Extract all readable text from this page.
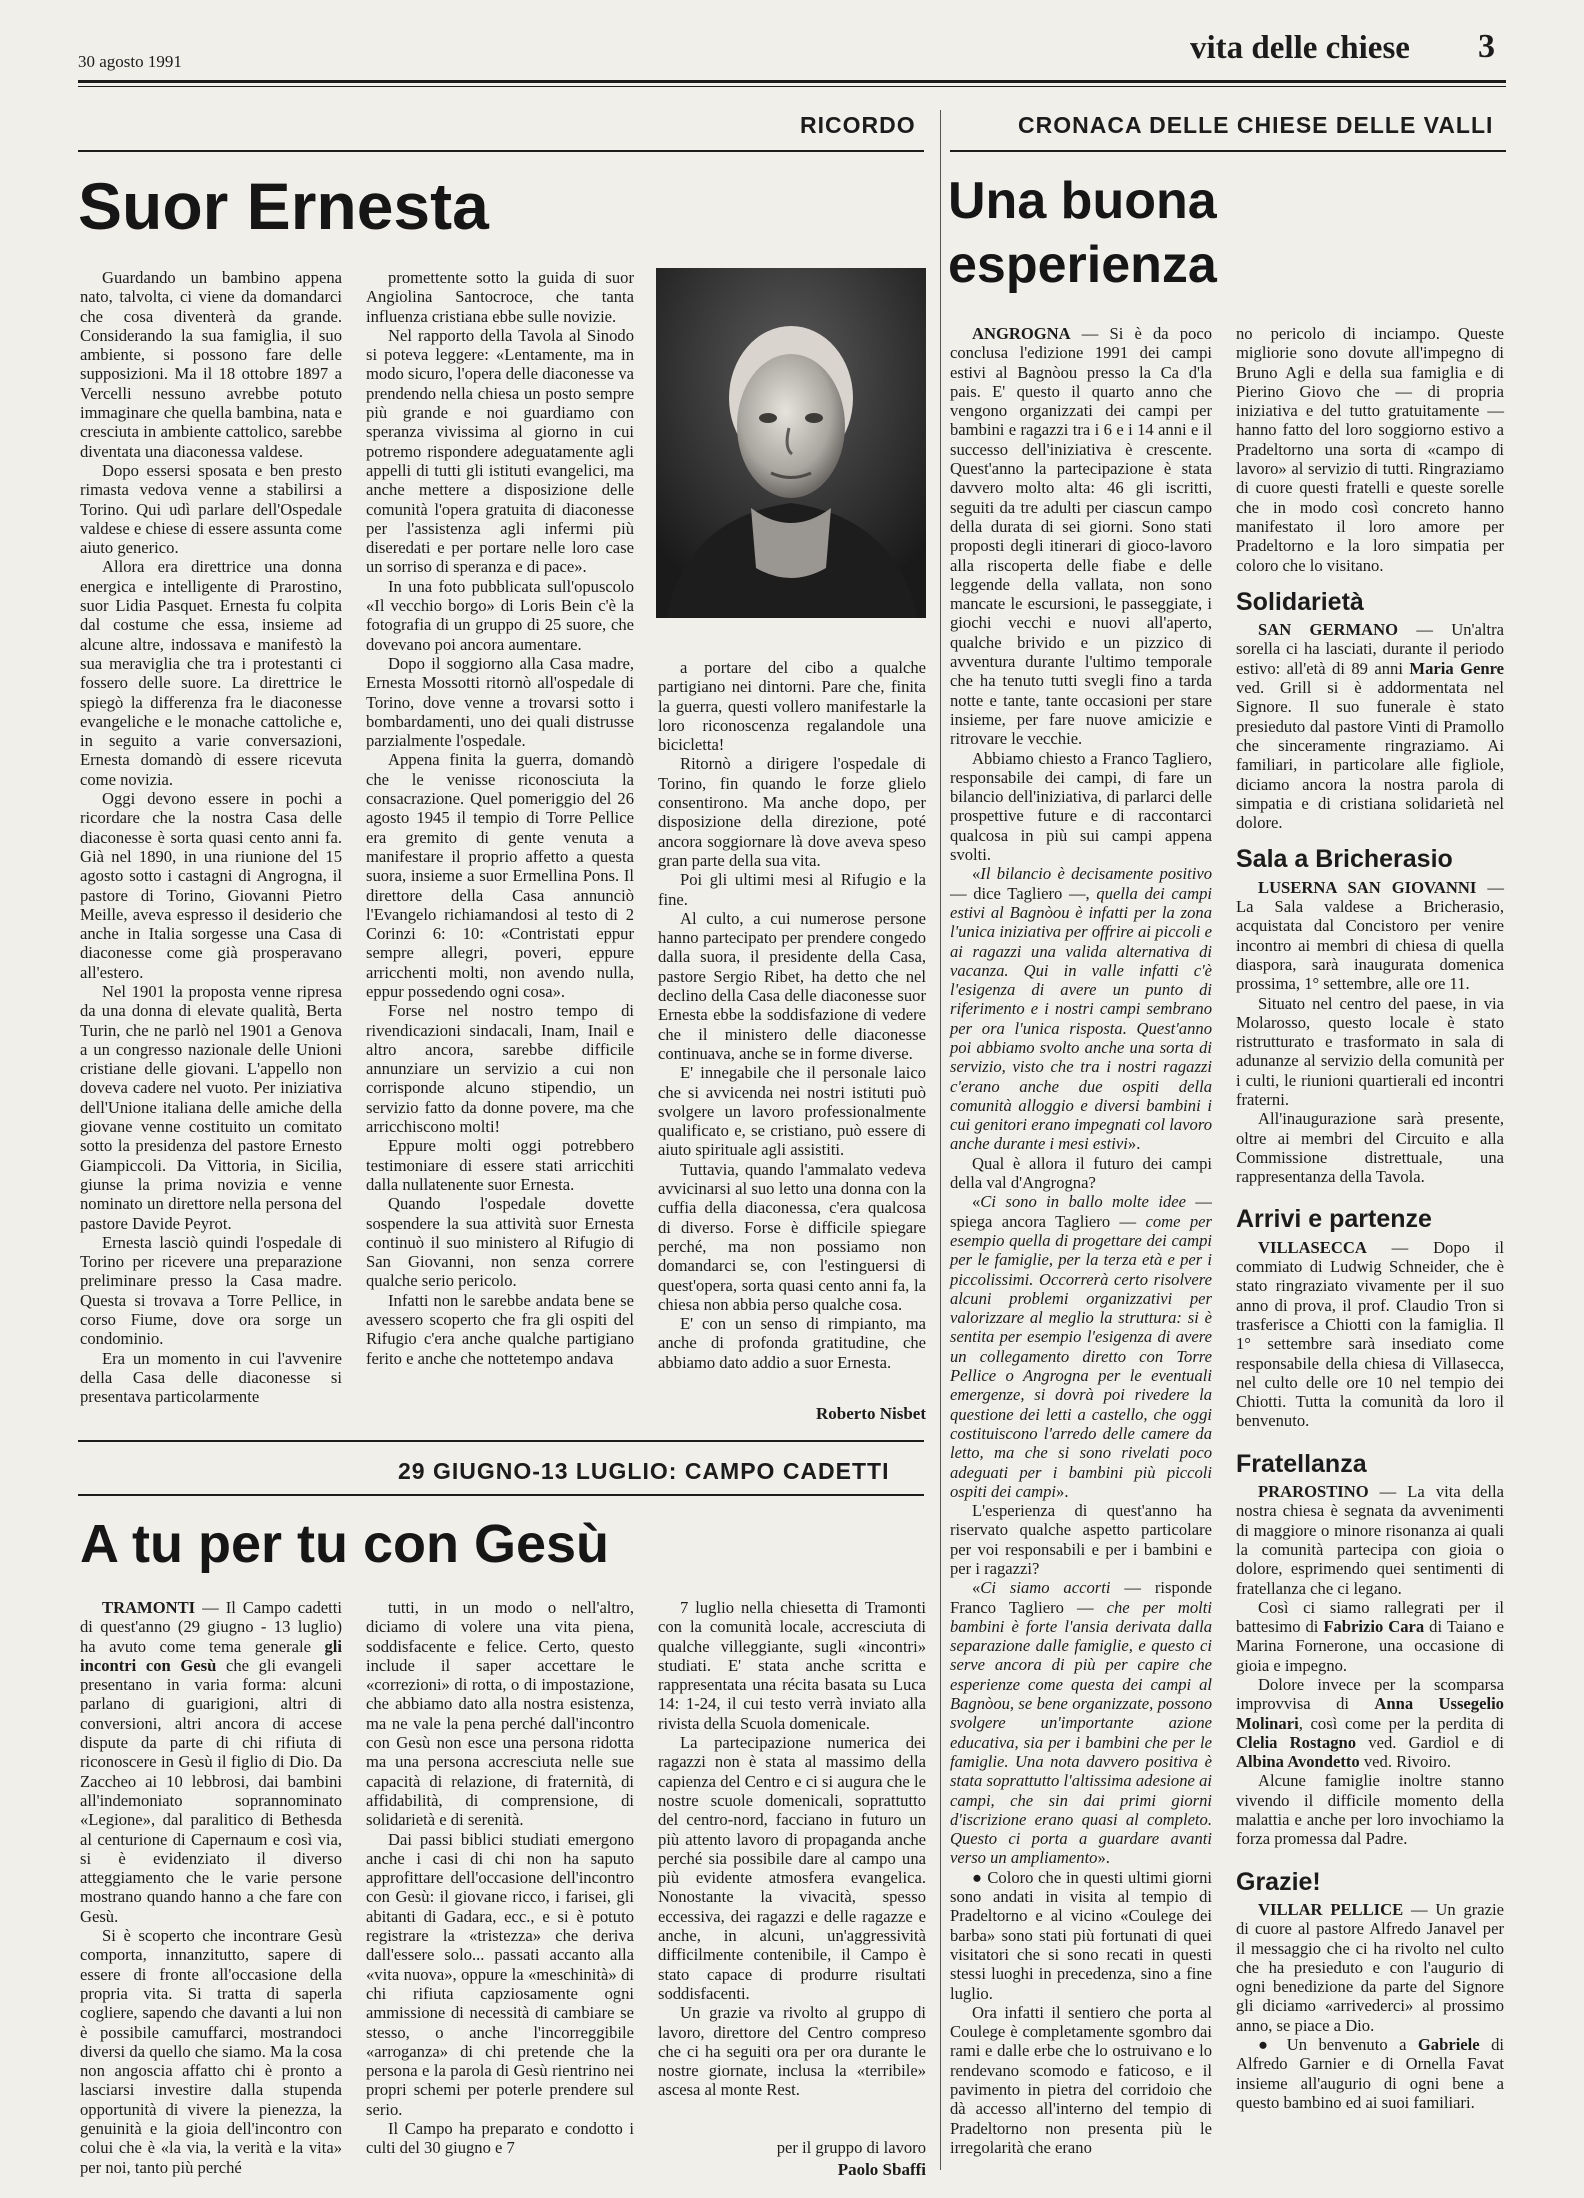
30 agosto 1991	vita delle chiese 3
RICORDO
Suor Ernesta

Guardando un bambino appena nato, talvolta, ci viene da domandarci che cosa diventerà da grande. Considerando la sua famiglia, il suo ambiente, si possono fare delle supposizioni. Ma il 18 ottobre 1897 a Vercelli nessuno avrebbe potuto immaginare che quella bambina, nata e cresciuta in ambiente cattolico, sarebbe diventata una diaconessa valdese.

Dopo essersi sposata e ben presto rimasta vedova venne a stabilirsi a Torino. Qui udì parlare dell'Ospedale valdese e chiese di essere assunta come aiuto generico.

Allora era direttrice una donna energica e intelligente di Prarostino, suor Lidia Pasquet. Ernesta fu colpita dal costume che essa, insieme ad alcune altre, indossava e manifestò la sua meraviglia che tra i protestanti ci fossero delle suore. La direttrice le spiegò la differenza fra le diaconesse evangeliche e le monache cattoliche e, in seguito a varie conversazioni, Ernesta domandò di essere ricevuta come novizia.

Oggi devono essere in pochi a ricordare che la nostra Casa delle diaconesse è sorta quasi cento anni fa. Già nel 1890, in una riunione del 15 agosto sotto i castagni di Angrogna, il pastore di Torino, Giovanni Pietro Meille, aveva espresso il desiderio che anche in Italia sorgesse una Casa di diaconesse come già prosperavano all'estero.

Nel 1901 la proposta venne ripresa da una donna di elevate qualità, Berta Turin, che ne parlò nel 1901 a Genova a un congresso nazionale delle Unioni cristiane delle giovani. L'appello non doveva cadere nel vuoto. Per iniziativa dell'Unione italiana delle amiche della giovane venne costituito un comitato sotto la presidenza del pastore Ernesto Giampiccoli. Da Vittoria, in Sicilia, giunse la prima novizia e venne nominato un direttore nella persona del pastore Davide Peyrot.

Ernesta lasciò quindi l'ospedale di Torino per ricevere una preparazione preliminare presso la Casa madre. Questa si trovava a Torre Pellice, in corso Fiume, dove ora sorge un condominio.

Era un momento in cui l'avvenire della Casa delle diaconesse si presentava particolarmente

promettente sotto la guida di suor Angiolina Santocroce, che tanta influenza cristiana ebbe sulle novizie.

Nel rapporto della Tavola al Sinodo si poteva leggere: «Lentamente, ma in modo sicuro, l'opera delle diaconesse va prendendo nella chiesa un posto sempre più grande e noi guardiamo con speranza vivissima al giorno in cui potremo rispondere adeguatamente agli appelli di tutti gli istituti evangelici, ma anche mettere a disposizione delle comunità l'opera gratuita di diaconesse per l'assistenza agli infermi più diseredati e per portare nelle loro case un sorriso di speranza e di pace».

In una foto pubblicata sull'opuscolo «Il vecchio borgo» di Loris Bein c'è la fotografia di un gruppo di 25 suore, che dovevano poi ancora aumentare.

Dopo il soggiorno alla Casa madre, Ernesta Mossotti ritornò all'ospedale di Torino, dove venne a trovarsi sotto i bombardamenti, uno dei quali distrusse parzialmente l'ospedale.

Appena finita la guerra, domandò che le venisse riconosciuta la consacrazione. Quel pomeriggio del 26 agosto 1945 il tempio di Torre Pellice era gremito di gente venuta a manifestare il proprio affetto a questa suora, insieme a suor Ermellina Pons. Il direttore della Casa annunciò l'Evangelo richiamandosi al testo di 2 Corinzi 6: 10: «Contristati eppur sempre allegri, poveri, eppure arricchenti molti, non avendo nulla, eppur possedendo ogni cosa».

Forse nel nostro tempo di rivendicazioni sindacali, Inam, Inail e altro ancora, sarebbe difficile annunziare un servizio a cui non corrisponde alcuno stipendio, un servizio fatto da donne povere, ma che arricchiscono molti!

Eppure molti oggi potrebbero testimoniare di essere stati arricchiti dalla nullatenente suor Ernesta.

Quando l'ospedale dovette sospendere la sua attività suor Ernesta continuò il suo ministero al Rifugio di San Giovanni, non senza correre qualche serio pericolo.

Infatti non le sarebbe andata bene se avessero scoperto che fra gli ospiti del Rifugio c'era anche qualche partigiano ferito e anche che nottetempo andava

a portare del cibo a qualche partigiano nei dintorni. Pare che, finita la guerra, questi vollero manifestarle la loro riconoscenza regalandole una bicicletta!

Ritornò a dirigere l'ospedale di Torino, fin quando le forze glielo consentirono. Ma anche dopo, per disposizione della direzione, poté ancora soggiornare là dove aveva speso gran parte della sua vita.

Poi gli ultimi mesi al Rifugio e la fine.

Al culto, a cui numerose persone hanno partecipato per prendere congedo dalla suora, il presidente della Casa, pastore Sergio Ribet, ha detto che nel declino della Casa delle diaconesse suor Ernesta ebbe la soddisfazione di vedere che il ministero delle diaconesse continuava, anche se in forme diverse.

E' innegabile che il personale laico che si avvicenda nei nostri istituti può svolgere un lavoro professionalmente qualificato e, se cristiano, può essere di aiuto spirituale agli assistiti.

Tuttavia, quando l'ammalato vedeva avvicinarsi al suo letto una donna con la cuffia della diaconessa, c'era qualcosa di diverso. Forse è difficile spiegare perché, ma non possiamo non domandarci se, con l'estinguersi di quest'opera, sorta quasi cento anni fa, la chiesa non abbia perso qualche cosa.

E' con un senso di rimpianto, ma anche di profonda gratitudine, che abbiamo dato addio a suor Ernesta.

Roberto Nisbet
CRONACA DELLE CHIESE DELLE VALLI
Una buona
esperienza

ANGROGNA — Si è da poco conclusa l'edizione 1991 dei campi estivi al Bagnòou presso la Ca d'la pais. E' questo il quarto anno che vengono organizzati dei campi per bambini e ragazzi tra i 6 e i 14 anni e il successo dell'iniziativa è crescente. Quest'anno la partecipazione è stata davvero molto alta: 46 gli iscritti, seguiti da tre adulti per ciascun campo della durata di sei giorni. Sono stati proposti degli itinerari di gioco-lavoro alla riscoperta delle fiabe e delle leggende della vallata, non sono mancate le escursioni, le passeggiate, i giochi vecchi e nuovi all'aperto, qualche brivido e un pizzico di avventura durante l'ultimo temporale che ha tenuto tutti svegli fino a tarda notte e tante, tante occasioni per stare insieme, per fare nuove amicizie e ritrovare le vecchie.

Abbiamo chiesto a Franco Tagliero, responsabile dei campi, di fare un bilancio dell'iniziativa, di parlarci delle prospettive future e di raccontarci qualcosa in più sui campi appena svolti.

«Il bilancio è decisamente positivo — dice Tagliero —, quella dei campi estivi al Bagnòou è infatti per la zona l'unica iniziativa per offrire ai piccoli e ai ragazzi una valida alternativa di vacanza. Qui in valle infatti c'è l'esigenza di avere un punto di riferimento e i nostri campi sembrano per ora l'unica risposta. Quest'anno poi abbiamo svolto anche una sorta di servizio, visto che tra i nostri ragazzi c'erano anche due ospiti della comunità alloggio e diversi bambini i cui genitori erano impegnati col lavoro anche durante i mesi estivi».

Qual è allora il futuro dei campi della val d'Angrogna?

«Ci sono in ballo molte idee — spiega ancora Tagliero — come per esempio quella di progettare dei campi per le famiglie, per la terza età e per i piccolissimi. Occorrerà certo risolvere alcuni problemi organizzativi per valorizzare al meglio la struttura: si è sentita per esempio l'esigenza di avere un collegamento diretto con Torre Pellice o Angrogna per le eventuali emergenze, si dovrà poi rivedere la questione dei letti a castello, che oggi costituiscono l'arredo delle camere da letto, ma che si sono rivelati poco adeguati per i bambini più piccoli ospiti dei campi».

L'esperienza di quest'anno ha riservato qualche aspetto particolare per voi responsabili e per i bambini e per i ragazzi?

«Ci siamo accorti — risponde Franco Tagliero — che per molti bambini è forte l'ansia derivata dalla separazione dalle famiglie, e questo ci serve ancora di più per capire che esperienze come questa dei campi al Bagnòou, se bene organizzate, possono svolgere un'importante azione educativa, sia per i bambini che per le famiglie. Una nota davvero positiva è stata soprattutto l'altissima adesione ai campi, che sin dai primi giorni d'iscrizione erano quasi al completo. Questo ci porta a guardare avanti verso un ampliamento».

● Coloro che in questi ultimi giorni sono andati in visita al tempio di Pradeltorno e al vicino «Coulege dei barba» sono stati più fortunati di quei visitatori che si sono recati in questi stessi luoghi in precedenza, sino a fine luglio.

Ora infatti il sentiero che porta al Coulege è completamente sgombro dai rami e dalle erbe che lo ostruivano e lo rendevano scomodo e faticoso, e il pavimento in pietra del corridoio che dà accesso all'interno del tempio di Pradeltorno non presenta più le irregolarità che erano

no pericolo di inciampo. Queste migliorie sono dovute all'impegno di Bruno Agli e della sua famiglia e di Pierino Giovo che — di propria iniziativa e del tutto gratuitamente — hanno fatto del loro soggiorno estivo a Pradeltorno una sorta di «campo di lavoro» al servizio di tutti. Ringraziamo di cuore questi fratelli e queste sorelle che in modo così concreto hanno manifestato il loro amore per Pradeltorno e la loro simpatia per coloro che lo visitano.

Solidarietà

SAN GERMANO — Un'altra sorella ci ha lasciati, durante il periodo estivo: all'età di 89 anni Maria Genre ved. Grill si è addormentata nel Signore. Il suo funerale è stato presieduto dal pastore Vinti di Pramollo che sinceramente ringraziamo. Ai familiari, in particolare alle figliole, diciamo ancora la nostra parola di simpatia e di cristiana solidarietà nel dolore.

Sala a Bricherasio

LUSERNA SAN GIOVANNI — La Sala valdese a Bricherasio, acquistata dal Concistoro per venire incontro ai membri di chiesa di quella diaspora, sarà inaugurata domenica prossima, 1° settembre, alle ore 11.

Situato nel centro del paese, in via Molarosso, questo locale è stato ristrutturato e trasformato in sala di adunanze al servizio della comunità per i culti, le riunioni quartierali ed incontri fraterni.

All'inaugurazione sarà presente, oltre ai membri del Circuito e alla Commissione distrettuale, una rappresentanza della Tavola.

Arrivi e partenze

VILLASECCA — Dopo il commiato di Ludwig Schneider, che è stato ringraziato vivamente per il suo anno di prova, il prof. Claudio Tron si trasferisce a Chiotti con la famiglia. Il 1° settembre sarà insediato come responsabile della chiesa di Villasecca, nel culto delle ore 10 nel tempio dei Chiotti. Tutta la comunità da loro il benvenuto.

Fratellanza

PRAROSTINO — La vita della nostra chiesa è segnata da avvenimenti di maggiore o minore risonanza ai quali la comunità partecipa con gioia o dolore, esprimendo quei sentimenti di fratellanza che ci legano.

Così ci siamo rallegrati per il battesimo di Fabrizio Cara di Taiano e Marina Fornerone, una occasione di gioia e impegno.

Dolore invece per la scomparsa improvvisa di Anna Ussegelio Molinari, così come per la perdita di Clelia Rostagno ved. Gardiol e di Albina Avondetto ved. Rivoiro.

Alcune famiglie inoltre stanno vivendo il difficile momento della malattia e anche per loro invochiamo la forza promessa dal Padre.

Grazie!

VILLAR PELLICE — Un grazie di cuore al pastore Alfredo Janavel per il messaggio che ci ha rivolto nel culto che ha presieduto e con l'augurio di ogni benedizione da parte del Signore gli diciamo «arrivederci» al prossimo anno, se piace a Dio.

● Un benvenuto a Gabriele di Alfredo Garnier e di Ornella Favat insieme all'augurio di ogni bene a questo bambino ed ai suoi familiari.

29 GIUGNO-13 LUGLIO: CAMPO CADETTI
A tu per tu con Gesù

TRAMONTI — Il Campo cadetti di quest'anno (29 giugno - 13 luglio) ha avuto come tema generale gli incontri con Gesù che gli evangeli presentano in varia forma: alcuni parlano di guarigioni, altri di conversioni, altri ancora di accese dispute da parte di chi rifiuta di riconoscere in Gesù il figlio di Dio. Da Zaccheo ai 10 lebbrosi, dai bambini all'indemoniato soprannominato «Legione», dal paralitico di Bethesda al centurione di Capernaum e così via, si è evidenziato il diverso atteggiamento che le varie persone mostrano quando hanno a che fare con Gesù.

Si è scoperto che incontrare Gesù comporta, innanzitutto, sapere di essere di fronte all'occasione della propria vita. Si tratta di saperla cogliere, sapendo che davanti a lui non è possibile camuffarci, mostrandoci diversi da quello che siamo. Ma la cosa non angoscia affatto chi è pronto a lasciarsi investire dalla stupenda opportunità di vivere la pienezza, la genuinità e la gioia dell'incontro con colui che è «la via, la verità e la vita» per noi, tanto più perché

tutti, in un modo o nell'altro, diciamo di volere una vita piena, soddisfacente e felice. Certo, questo include il saper accettare le «correzioni» di rotta, o di impostazione, che abbiamo dato alla nostra esistenza, ma ne vale la pena perché dall'incontro con Gesù non esce una persona ridotta ma una persona accresciuta nelle sue capacità di relazione, di fraternità, di affidabilità, di comprensione, di solidarietà e di serenità.

Dai passi biblici studiati emergono anche i casi di chi non ha saputo approfittare dell'occasione dell'incontro con Gesù: il giovane ricco, i farisei, gli abitanti di Gadara, ecc., e si è potuto registrare la «tristezza» che deriva dall'essere solo... passati accanto alla «vita nuova», oppure la «meschinità» di chi rifiuta capziosamente ogni ammissione di necessità di cambiare se stesso, o anche l'incorreggibile «arroganza» di chi pretende che la persona e la parola di Gesù rientrino nei propri schemi per poterle prendere sul serio.

Il Campo ha preparato e condotto i culti del 30 giugno e 7

7 luglio nella chiesetta di Tramonti con la comunità locale, accresciuta di qualche villeggiante, sugli «incontri» studiati. E' stata anche scritta e rappresentata una récita basata su Luca 14: 1-24, il cui testo verrà inviato alla rivista della Scuola domenicale.

La partecipazione numerica dei ragazzi non è stata al massimo della capienza del Centro e ci si augura che le nostre scuole domenicali, soprattutto del centro-nord, facciano in futuro un più attento lavoro di propaganda anche perché sia possibile dare al campo una più evidente atmosfera evangelica. Nonostante la vivacità, spesso eccessiva, dei ragazzi e delle ragazze e anche, in alcuni, un'aggressività difficilmente contenibile, il Campo è stato capace di produrre risultati soddisfacenti.

Un grazie va rivolto al gruppo di lavoro, direttore del Centro compreso che ci ha seguiti ora per ora durante le nostre giornate, inclusa la «terribile» ascesa al monte Rest.

per il gruppo di lavoro
Paolo Sbaffi
